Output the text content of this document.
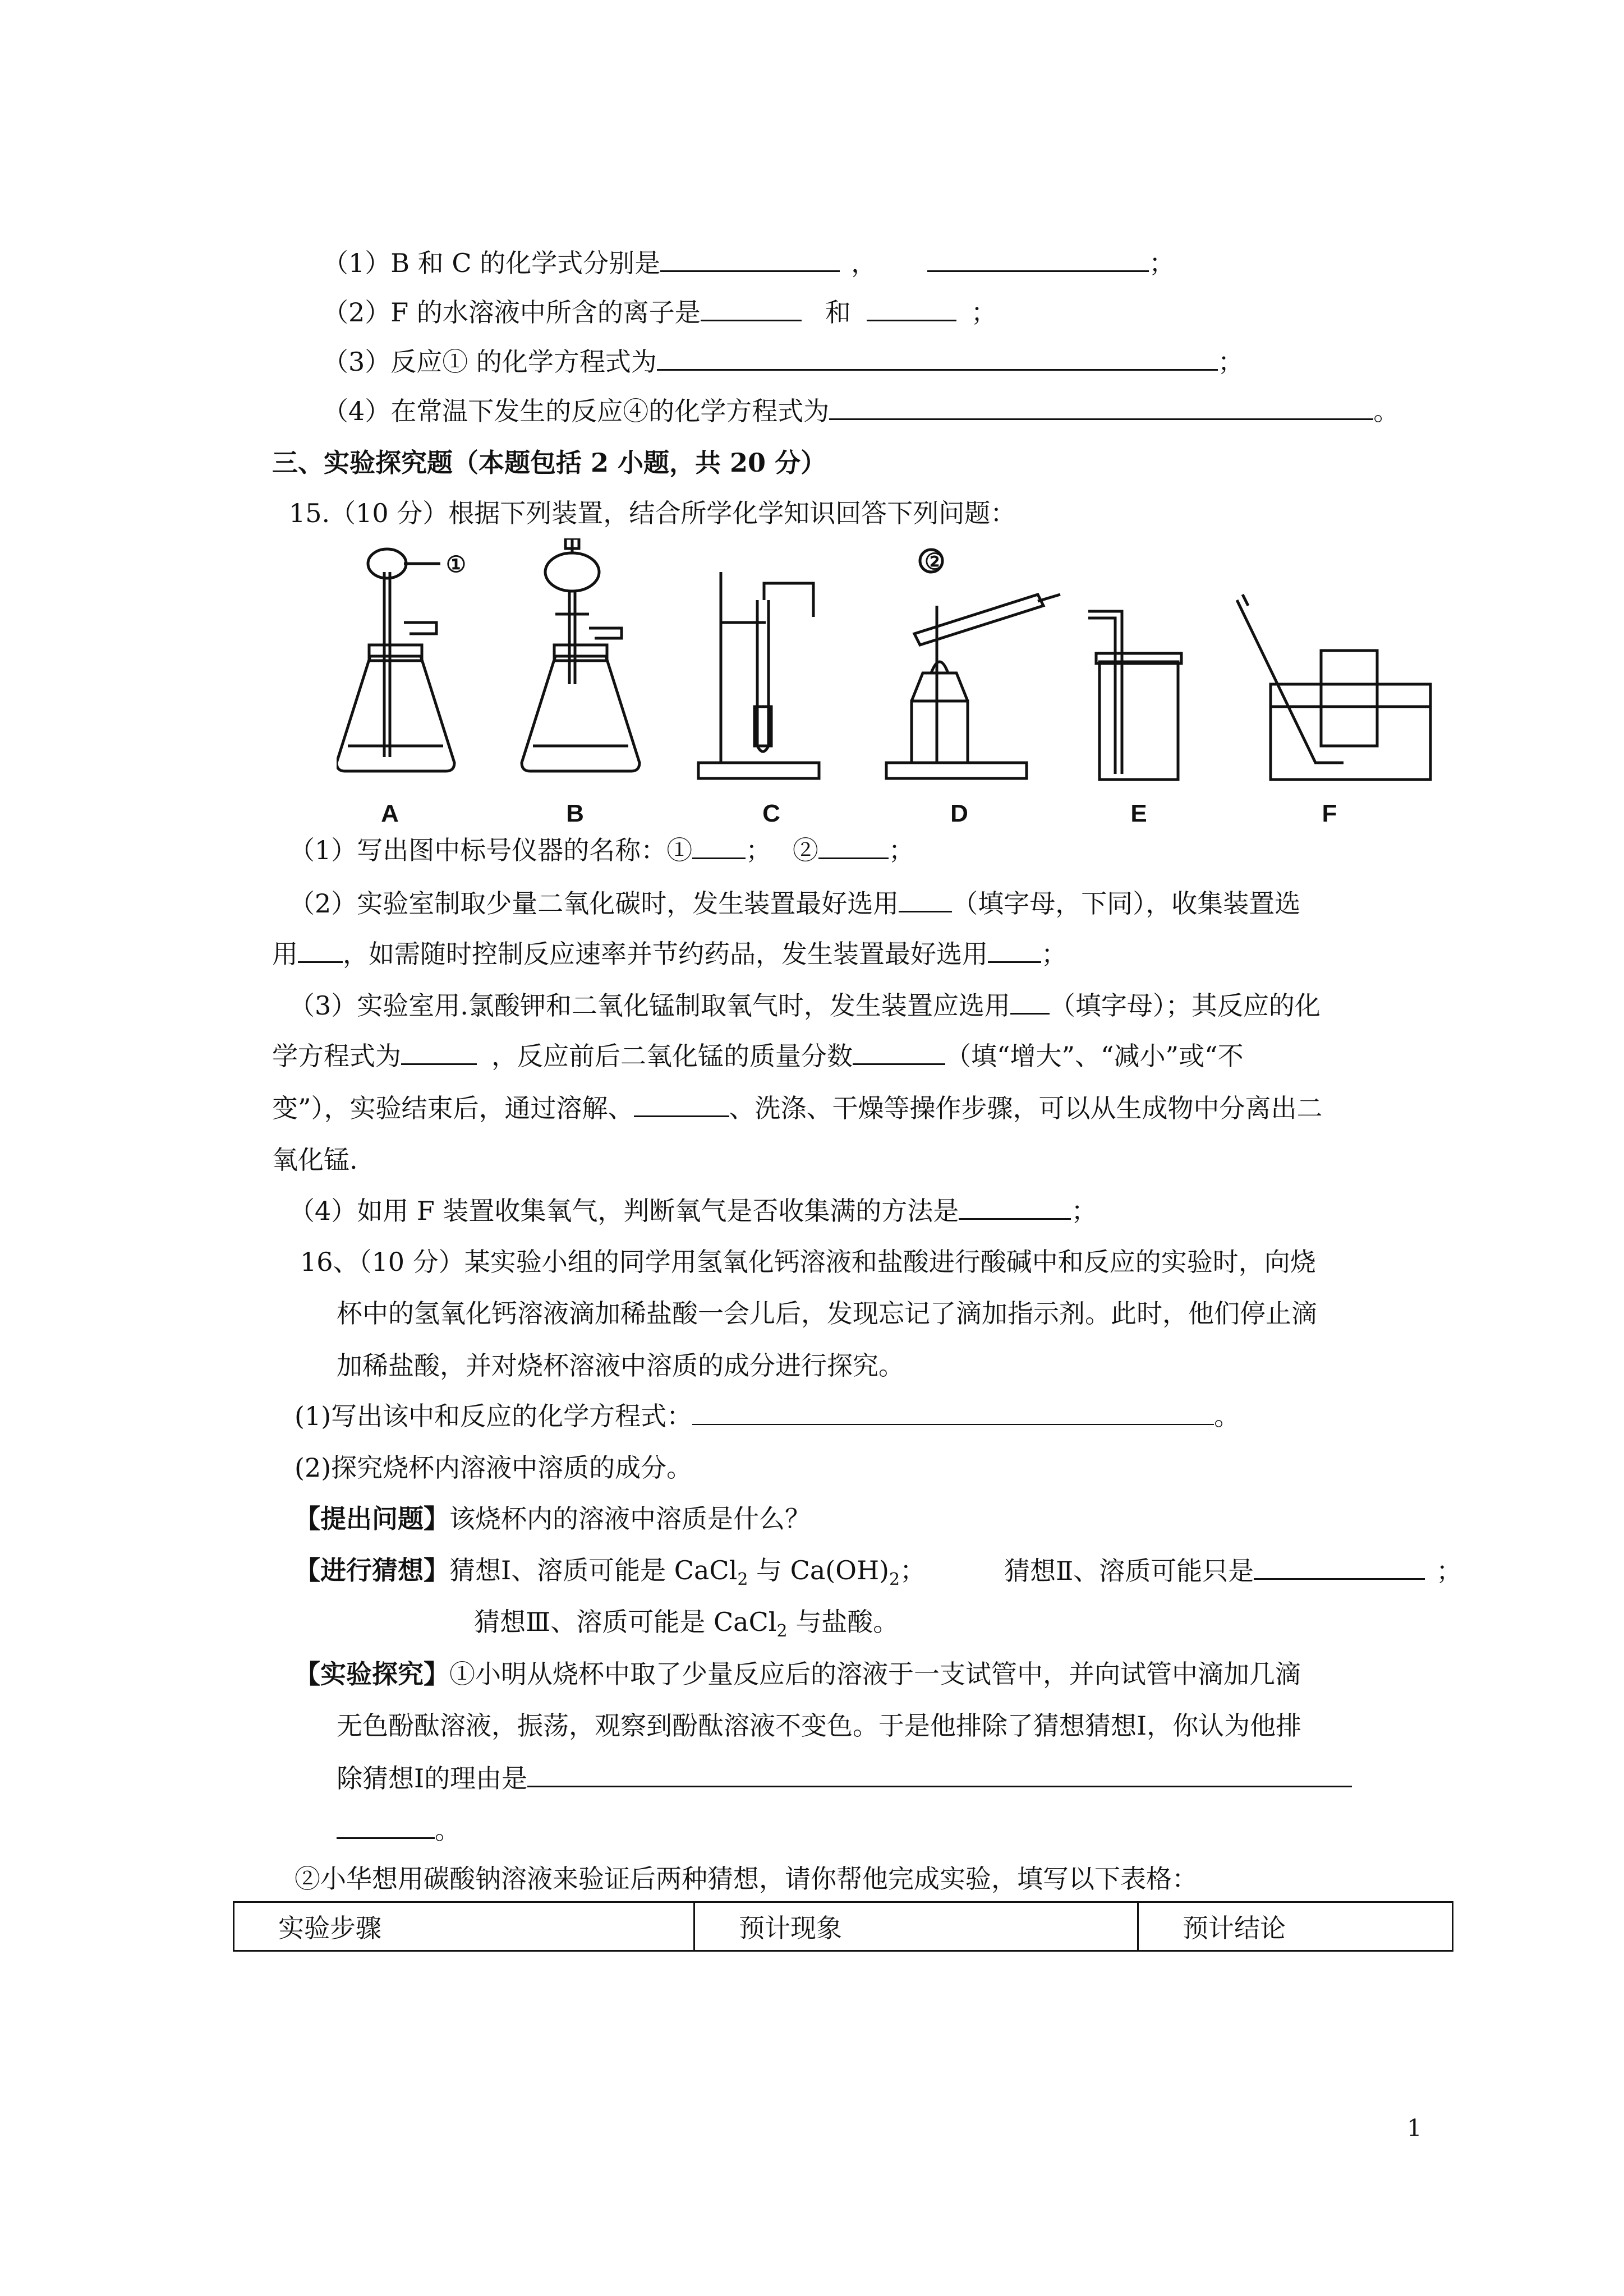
（1）B 和 C 的化学式分别是	，	；
（2）F 的水溶液中所含的离子是	和	；
（3）反应① 的化学方程式为	；
（4）在常温下发生的反应④的化学方程式为	。
三、实验探究题（本题包括 2 小题，共 20 分）
15.（10 分）根据下列装置，结合所学化学知识回答下列问题：
A	B	C	D	E	F
①	②
（1）写出图中标号仪器的名称：① ；　 ②	；
（2）实验室制取少量二氧化碳时，发生装置最好选用 （填字母，下同），收集装置选
用 ，如需随时控制反应速率并节约药品，发生装置最好选用 ；
（3）实验室用.氯酸钾和二氧化锰制取氧气时，发生装置应选用 （填字母）；其反应的化
学方程式为	，反应前后二氧化锰的质量分数	（填“增大”、“减小”或“不
变”），实验结束后，通过溶解、	、洗涤、干燥等操作步骤，可以从生成物中分离出二
氧化锰.
（4）如用 F 装置收集氧气，判断氧气是否收集满的方法是	；
16、（10 分）某实验小组的同学用氢氧化钙溶液和盐酸进行酸碱中和反应的实验时，向烧
杯中的氢氧化钙溶液滴加稀盐酸一会儿后，发现忘记了滴加指示剂。此时，他们停止滴
加稀盐酸，并对烧杯溶液中溶质的成分进行探究。
(1)写出该中和反应的化学方程式：	。
(2)探究烧杯内溶液中溶质的成分。
【提出问题】该烧杯内的溶液中溶质是什么？
【进行猜想】猜想Ⅰ、溶质可能是 CaCl$_2$ 与 $Ca(OH)_2$；	猜想Ⅱ、溶质可能只是	；
猜想Ⅲ、溶质可能是 CaCl$_2$ 与盐酸。
【实验探究】①小明从烧杯中取了少量反应后的溶液于一支试管中，并向试管中滴加几滴
无色酚酞溶液，振荡，观察到酚酞溶液不变色。于是他排除了猜想猜想Ⅰ，你认为他排
除猜想Ⅰ的理由是
。
②小华想用碳酸钠溶液来验证后两种猜想，请你帮他完成实验，填写以下表格：
实验步骤	预计现象	预计结论
1
